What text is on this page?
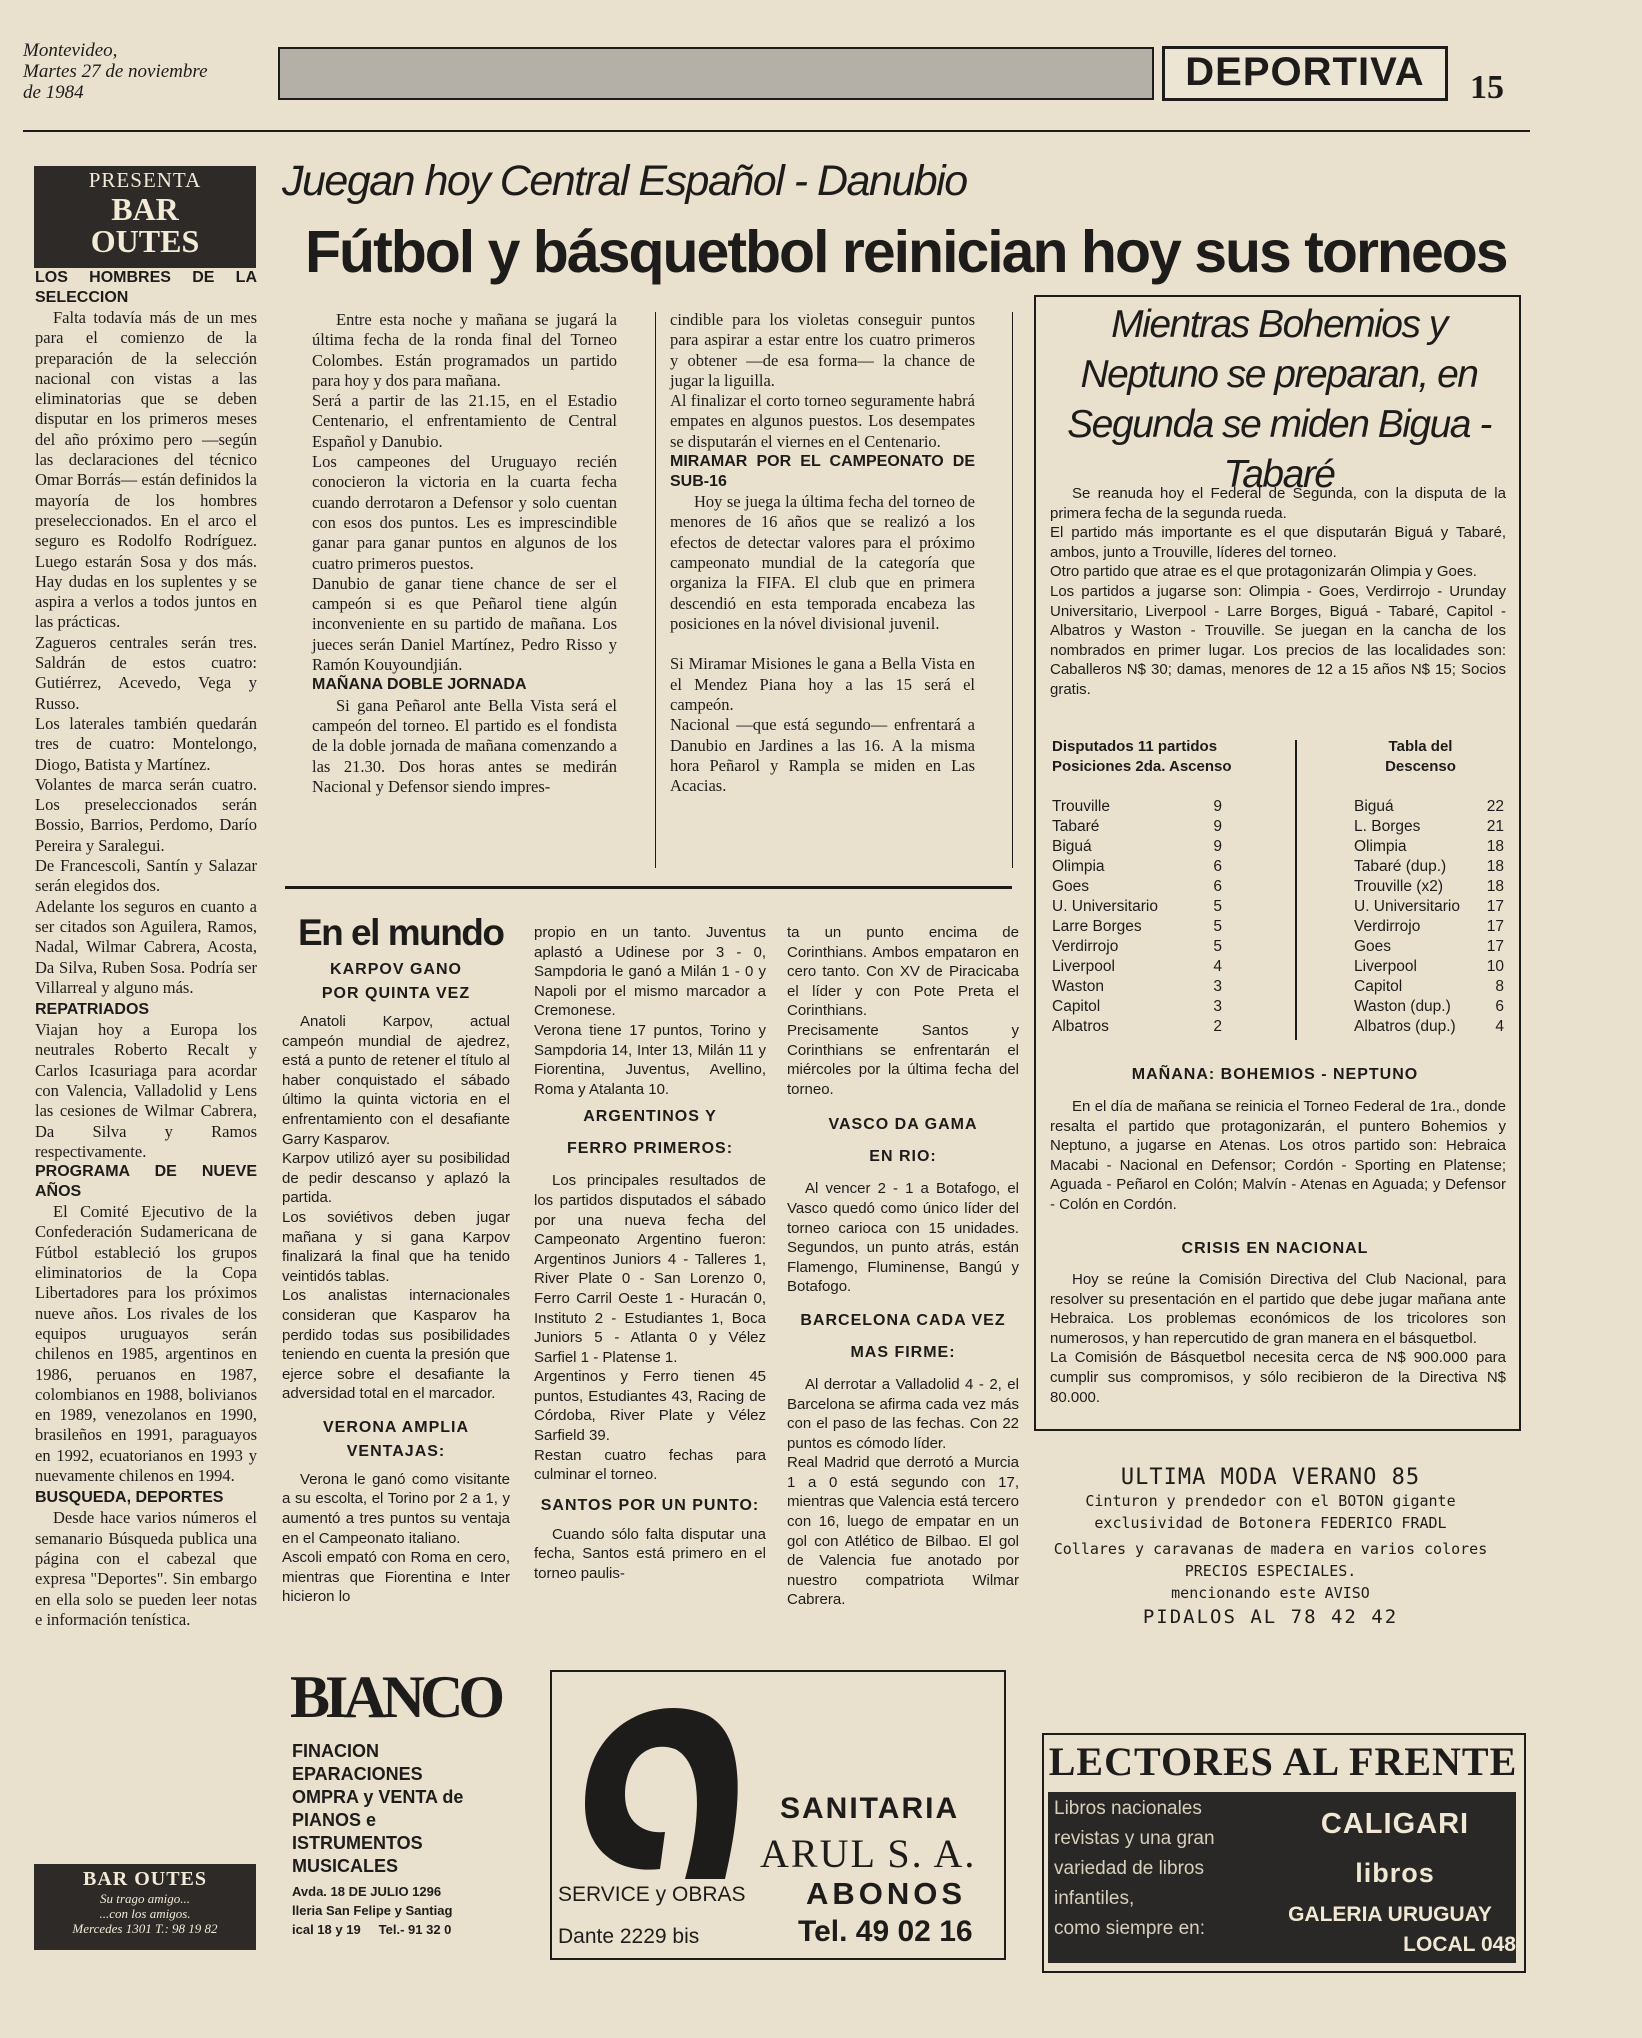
Montevideo,
Martes 27 de noviembre
de 1984	DEPORTIVA	15
PRESENTA
BAR
OUTES
LOS HOMBRES DE LA SELECCION
Falta todavía más de un mes para el comienzo de la preparación de la selección nacional con vistas a las eliminatorias que se deben disputar en los primeros meses del año próximo pero —según las declaraciones del técnico Omar Borrás— están definidos la mayoría de los hombres preseleccionados. En el arco el seguro es Rodolfo Rodríguez. Luego estarán Sosa y dos más. Hay dudas en los suplentes y se aspira a verlos a todos juntos en las prácticas.
Zagueros centrales serán tres. Saldrán de estos cuatro: Gutiérrez, Acevedo, Vega y Russo.
Los laterales también quedarán tres de cuatro: Montelongo, Diogo, Batista y Martínez.
Volantes de marca serán cuatro. Los preseleccionados serán Bossio, Barrios, Perdomo, Darío Pereira y Saralegui.
De Francescoli, Santín y Salazar serán elegidos dos.
Adelante los seguros en cuanto a ser citados son Aguilera, Ramos, Nadal, Wilmar Cabrera, Acosta, Da Silva, Ruben Sosa. Podría ser Villarreal y alguno más.
REPATRIADOS
Viajan hoy a Europa los neutrales Roberto Recalt y Carlos Icasuriaga para acordar con Valencia, Valladolid y Lens las cesiones de Wilmar Cabrera, Da Silva y Ramos respectivamente.
PROGRAMA DE NUEVE AÑOS
El Comité Ejecutivo de la Confederación Sudamericana de Fútbol estableció los grupos eliminatorios de la Copa Libertadores para los próximos nueve años. Los rivales de los equipos uruguayos serán chilenos en 1985, argentinos en 1986, peruanos en 1987, colombianos en 1988, bolivianos en 1989, venezolanos en 1990, brasileños en 1991, paraguayos en 1992, ecuatorianos en 1993 y nuevamente chilenos en 1994.
BUSQUEDA, DEPORTES
Desde hace varios números el semanario Búsqueda publica una página con el cabezal que expresa "Deportes". Sin embargo en ella solo se pueden leer notas e información tenística.
BAR OUTES
Su trago amigo...
...con los amigos.
Mercedes 1301 T.: 98 19 82
Juegan hoy Central Español - Danubio
Fútbol y básquetbol reinician hoy sus torneos
Entre esta noche y mañana se jugará la última fecha de la ronda final del Torneo Colombes. Están programados un partido para hoy y dos para mañana.
Será a partir de las 21.15, en el Estadio Centenario, el enfrentamiento de Central Español y Danubio.
Los campeones del Uruguayo recién conocieron la victoria en la cuarta fecha cuando derrotaron a Defensor y solo cuentan con esos dos puntos. Les es imprescindible ganar para ganar puntos en algunos de los cuatro primeros puestos.
Danubio de ganar tiene chance de ser el campeón si es que Peñarol tiene algún inconveniente en su partido de mañana. Los jueces serán Daniel Martínez, Pedro Risso y Ramón Kouyoundjián.
MAÑANA DOBLE JORNADA
Si gana Peñarol ante Bella Vista será el campeón del torneo. El partido es el fondista de la doble jornada de mañana comenzando a las 21.30. Dos horas antes se medirán Nacional y Defensor siendo impres-
cindible para los violetas conseguir puntos para aspirar a estar entre los cuatro primeros y obtener —de esa forma— la chance de jugar la liguilla.
Al finalizar el corto torneo seguramente habrá empates en algunos puestos. Los desempates se disputarán el viernes en el Centenario.
MIRAMAR POR EL CAMPEONATO DE SUB-16
Hoy se juega la última fecha del torneo de menores de 16 años que se realizó a los efectos de detectar valores para el próximo campeonato mundial de la categoría que organiza la FIFA. El club que en primera descendió en esta temporada encabeza las posiciones en la nóvel divisional juvenil.

Si Miramar Misiones le gana a Bella Vista en el Mendez Piana hoy a las 15 será el campeón.
Nacional —que está segundo— enfrentará a Danubio en Jardines a las 16. A la misma hora Peñarol y Rampla se miden en Las Acacias.
Mientras Bohemios y Neptuno se preparan, en Segunda se miden Bigua - Tabaré
Se reanuda hoy el Federal de Segunda, con la disputa de la primera fecha de la segunda rueda.
El partido más importante es el que disputarán Biguá y Tabaré, ambos, junto a Trouville, líderes del torneo.
Otro partido que atrae es el que protagonizarán Olimpia y Goes.
Los partidos a jugarse son: Olimpia - Goes, Verdirrojo - Urunday Universitario, Liverpool - Larre Borges, Biguá - Tabaré, Capitol - Albatros y Waston - Trouville. Se juegan en la cancha de los nombrados en primer lugar. Los precios de las localidades son: Caballeros N$ 30; damas, menores de 12 a 15 años N$ 15; Socios gratis.
Disputados 11 partidos
Posiciones 2da. Ascenso
Tabla del
Descenso
Trouville	9
Tabaré	9
Biguá	9
Olimpia	6
Goes	6
U. Universitario	5
Larre Borges	5
Verdirrojo	5
Liverpool	4
Waston	3
Capitol	3
Albatros	2
Biguá	22
L. Borges	21
Olimpia	18
Tabaré (dup.)	18
Trouville (x2)	18
U. Universitario 17
Verdirrojo	17
Goes	17
Liverpool	10
Capitol	8
Waston (dup.)	6
Albatros (dup.)	4
MAÑANA: BOHEMIOS - NEPTUNO
En el día de mañana se reinicia el Torneo Federal de 1ra., donde resalta el partido que protagonizarán, el puntero Bohemios y Neptuno, a jugarse en Atenas. Los otros partido son: Hebraica Macabi - Nacional en Defensor; Cordón - Sporting en Platense; Aguada - Peñarol en Colón; Malvín - Atenas en Aguada; y Defensor - Colón en Cordón.
CRISIS EN NACIONAL
Hoy se reúne la Comisión Directiva del Club Nacional, para resolver su presentación en el partido que debe jugar mañana ante Hebraica. Los problemas económicos de los tricolores son numerosos, y han repercutido de gran manera en el básquetbol.
La Comisión de Básquetbol necesita cerca de N$ 900.000 para cumplir sus compromisos, y sólo recibieron de la Directiva N$ 80.000.
En el mundo
KARPOV GANO
POR QUINTA VEZ
Anatoli Karpov, actual campeón mundial de ajedrez, está a punto de retener el título al haber conquistado el sábado último la quinta victoria en el enfrentamiento con el desafiante Garry Kasparov.
Karpov utilizó ayer su posibilidad de pedir descanso y aplazó la partida.
Los soviétivos deben jugar mañana y si gana Karpov finalizará la final que ha tenido veintidós tablas.
Los analistas internacionales consideran que Kasparov ha perdido todas sus posibilidades teniendo en cuenta la presión que ejerce sobre el desafiante la adversidad total en el marcador.
VERONA AMPLIA
VENTAJAS:
Verona le ganó como visitante a su escolta, el Torino por 2 a 1, y aumentó a tres puntos su ventaja en el Campeonato italiano.
Ascoli empató con Roma en cero, mientras que Fiorentina e Inter hicieron lo
propio en un tanto. Juventus aplastó a Udinese por 3 - 0, Sampdoria le ganó a Milán 1 - 0 y Napoli por el mismo marcador a Cremonese.
Verona tiene 17 puntos, Torino y Sampdoria 14, Inter 13, Milán 11 y Fiorentina, Juventus, Avellino, Roma y Atalanta 10.
ARGENTINOS Y
FERRO PRIMEROS:
Los principales resultados de los partidos disputados el sábado por una nueva fecha del Campeonato Argentino fueron: Argentinos Juniors 4 - Talleres 1, River Plate 0 - San Lorenzo 0, Ferro Carril Oeste 1 - Huracán 0, Instituto 2 - Estudiantes 1, Boca Juniors 5 - Atlanta 0 y Vélez Sarfiel 1 - Platense 1.
Argentinos y Ferro tienen 45 puntos, Estudiantes 43, Racing de Córdoba, River Plate y Vélez Sarfield 39.
Restan cuatro fechas para culminar el torneo.
SANTOS POR UN PUNTO:
Cuando sólo falta disputar una fecha, Santos está primero en el torneo paulis-
ta un punto encima de Corinthians. Ambos empataron en cero tanto. Con XV de Piracicaba el líder y con Pote Preta el Corinthians.
Precisamente Santos y Corinthians se enfrentarán el miércoles por la última fecha del torneo.
VASCO DA GAMA
EN RIO:
Al vencer 2 - 1 a Botafogo, el Vasco quedó como único líder del torneo carioca con 15 unidades. Segundos, un punto atrás, están Flamengo, Fluminense, Bangú y Botafogo.
BARCELONA CADA VEZ
MAS FIRME:
Al derrotar a Valladolid 4 - 2, el Barcelona se afirma cada vez más con el paso de las fechas. Con 22 puntos es cómodo líder.
Real Madrid que derrotó a Murcia 1 a 0 está segundo con 17, mientras que Valencia está tercero con 16, luego de empatar en un gol con Atlético de Bilbao. El gol de Valencia fue anotado por nuestro compatriota Wilmar Cabrera.
ULTIMA MODA VERANO 85
Cinturon y prendedor con el BOTON gigante
exclusividad de Botonera FEDERICO FRADL
Collares y caravanas de madera en varios colores
PRECIOS ESPECIALES.
mencionando este AVISO
PIDALOS AL 78 42 42
BIANCO
FINACION
EPARACIONES
OMPRA y VENTA de
PIANOS e
ISTRUMENTOS
MUSICALES
Avda. 18 DE JULIO 1296
lleria San Felipe y Santiag
ical 18 y 19 Tel.- 91 32 0
SANITARIA
ARUL S. A.
SERVICE y OBRAS ABONOS
Dante 2229 bis	Tel. 49 02 16
LECTORES AL FRENTE
Libros nacionales
revistas y una gran
variedad de libros
infantiles,
como siempre en:
CALIGARI
libros
GALERIA URUGUAY
LOCAL 048
